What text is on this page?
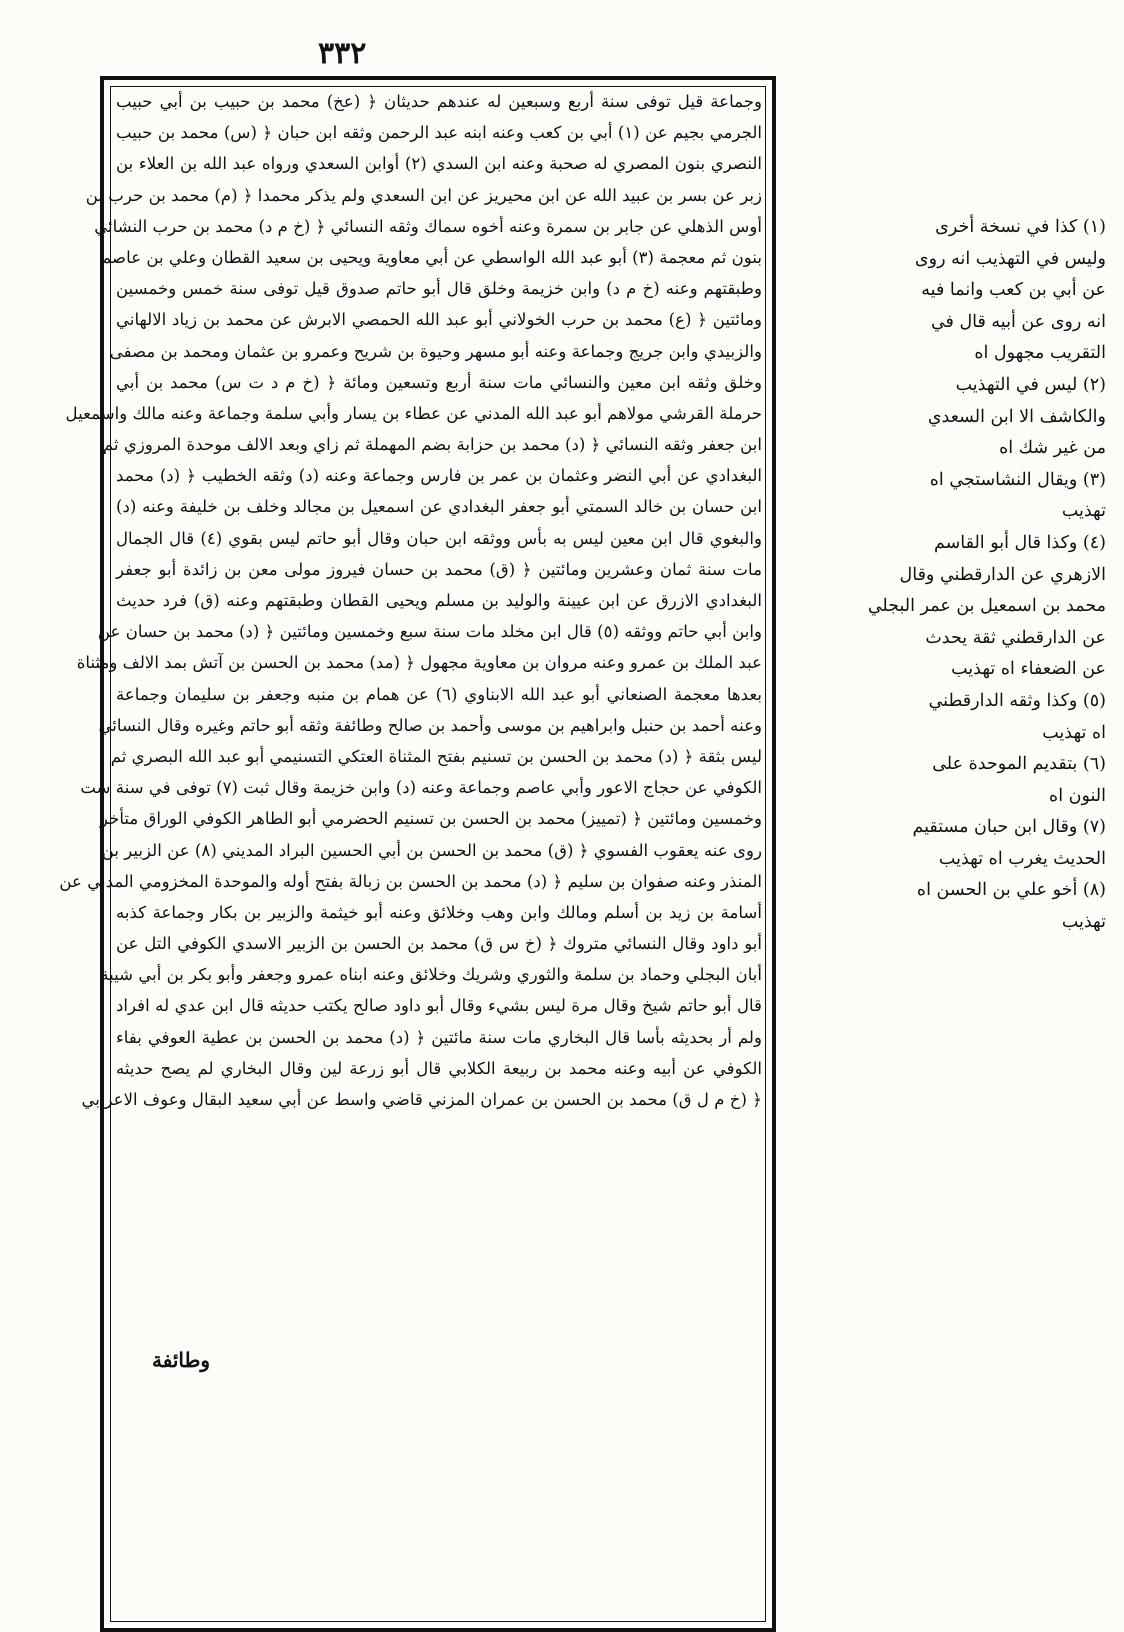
٣٣٢
وجماعة قيل توفى سنة أربع وسبعين له عندهم حديثان ﴿ (عخ) محمد بن حبيب بن أبي حبيب
الجرمي بجيم عن (١) أبي بن كعب وعنه ابنه عبد الرحمن وثقه ابن حبان ﴿ (س) محمد بن حبيب
النصري بنون المصري له صحبة وعنه ابن السدي (٢) أوابن السعدي ورواه عبد الله بن العلاء بن
زبر عن بسر بن عبيد الله عن ابن محيريز عن ابن السعدي ولم يذكر محمدا ﴿ (م) محمد بن حرب بن
أوس الذهلي عن جابر بن سمرة وعنه أخوه سماك وثقه النسائي ﴿ (خ م د) محمد بن حرب النشائي
بنون ثم معجمة (٣) أبو عبد الله الواسطي عن أبي معاوية ويحيى بن سعيد القطان وعلي بن عاصم
وطبقتهم وعنه (خ م د) وابن خزيمة وخلق قال أبو حاتم صدوق قيل توفى سنة خمس وخمسين
ومائتين ﴿ (ع) محمد بن حرب الخولاني أبو عبد الله الحمصي الابرش عن محمد بن زياد الالهاني
والزبيدي وابن جريج وجماعة وعنه أبو مسهر وحيوة بن شريح وعمرو بن عثمان ومحمد بن مصفى
وخلق وثقه ابن معين والنسائي مات سنة أربع وتسعين ومائة ﴿ (خ م د ت س) محمد بن أبي
حرملة القرشي مولاهم أبو عبد الله المدني عن عطاء بن يسار وأبي سلمة وجماعة وعنه مالك واسمعيل
ابن جعفر وثقه النسائي ﴿ (د) محمد بن حزابة بضم المهملة ثم زاي وبعد الالف موحدة المروزي ثم
البغدادي عن أبي النضر وعثمان بن عمر بن فارس وجماعة وعنه (د) وثقه الخطيب ﴿ (د) محمد
ابن حسان بن خالد السمتي أبو جعفر البغدادي عن اسمعيل بن مجالد وخلف بن خليفة وعنه (د)
والبغوي قال ابن معين ليس به بأس ووثقه ابن حبان وقال أبو حاتم ليس بقوي (٤) قال الجمال
مات سنة ثمان وعشرين ومائتين ﴿ (ق) محمد بن حسان فيروز مولى معن بن زائدة أبو جعفر
البغدادي الازرق عن ابن عيينة والوليد بن مسلم ويحيى القطان وطبقتهم وعنه (ق) فرد حديث
وابن أبي حاتم ووثقه (٥) قال ابن مخلد مات سنة سبع وخمسين ومائتين ﴿ (د) محمد بن حسان عن
عبد الملك بن عمرو وعنه مروان بن معاوية مجهول ﴿ (مد) محمد بن الحسن بن آتش بمد الالف ومثناة
بعدها معجمة الصنعاني أبو عبد الله الابناوي (٦) عن همام بن منبه وجعفر بن سليمان وجماعة
وعنه أحمد بن حنبل وابراهيم بن موسى وأحمد بن صالح وطائفة وثقه أبو حاتم وغيره وقال النسائي
ليس بثقة ﴿ (د) محمد بن الحسن بن تسنيم بفتح المثناة العتكي التسنيمي أبو عبد الله البصري ثم
الكوفي عن حجاج الاعور وأبي عاصم وجماعة وعنه (د) وابن خزيمة وقال ثبت (٧) توفى في سنة ست
وخمسين ومائتين ﴿ (تمييز) محمد بن الحسن بن تسنيم الحضرمي أبو الطاهر الكوفي الوراق متأخر
روى عنه يعقوب الفسوي ﴿ (ق) محمد بن الحسن بن أبي الحسين البراد المديني (٨) عن الزبير بن
المنذر وعنه صفوان بن سليم ﴿ (د) محمد بن الحسن بن زبالة بفتح أوله والموحدة المخزومي المدني عن
أسامة بن زيد بن أسلم ومالك وابن وهب وخلائق وعنه أبو خيثمة والزبير بن بكار وجماعة كذبه
أبو داود وقال النسائي متروك ﴿ (خ س ق) محمد بن الحسن بن الزبير الاسدي الكوفي التل عن
أبان البجلي وحماد بن سلمة والثوري وشريك وخلائق وعنه ابناه عمرو وجعفر وأبو بكر بن أبي شيبة
قال أبو حاتم شيخ وقال مرة ليس بشيء وقال أبو داود صالح يكتب حديثه قال ابن عدي له افراد
ولم أر بحديثه بأسا قال البخاري مات سنة مائتين ﴿ (د) محمد بن الحسن بن عطية العوفي بفاء
الكوفي عن أبيه وعنه محمد بن ربيعة الكلابي قال أبو زرعة لين وقال البخاري لم يصح حديثه
﴿ (خ م ل ق) محمد بن الحسن بن عمران المزني قاضي واسط عن أبي سعيد البقال وعوف الاعرابي
وطائفة
(١) كذا في نسخة أخرى
وليس في التهذيب انه روى
عن أبي بن كعب وانما فيه
انه روى عن أبيه قال في
التقريب مجهول اه
(٢) ليس في التهذيب
والكاشف الا ابن السعدي
من غير شك اه
(٣) ويقال النشاستجي اه
تهذيب
(٤) وكذا قال أبو القاسم
الازهري عن الدارقطني وقال
محمد بن اسمعيل بن عمر البجلي
عن الدارقطني ثقة يحدث
عن الضعفاء اه تهذيب
(٥) وكذا وثقه الدارقطني
اه تهذيب
(٦) بتقديم الموحدة على
النون اه
(٧) وقال ابن حبان مستقيم
الحديث يغرب اه تهذيب
(٨) أخو علي بن الحسن اه
تهذيب
